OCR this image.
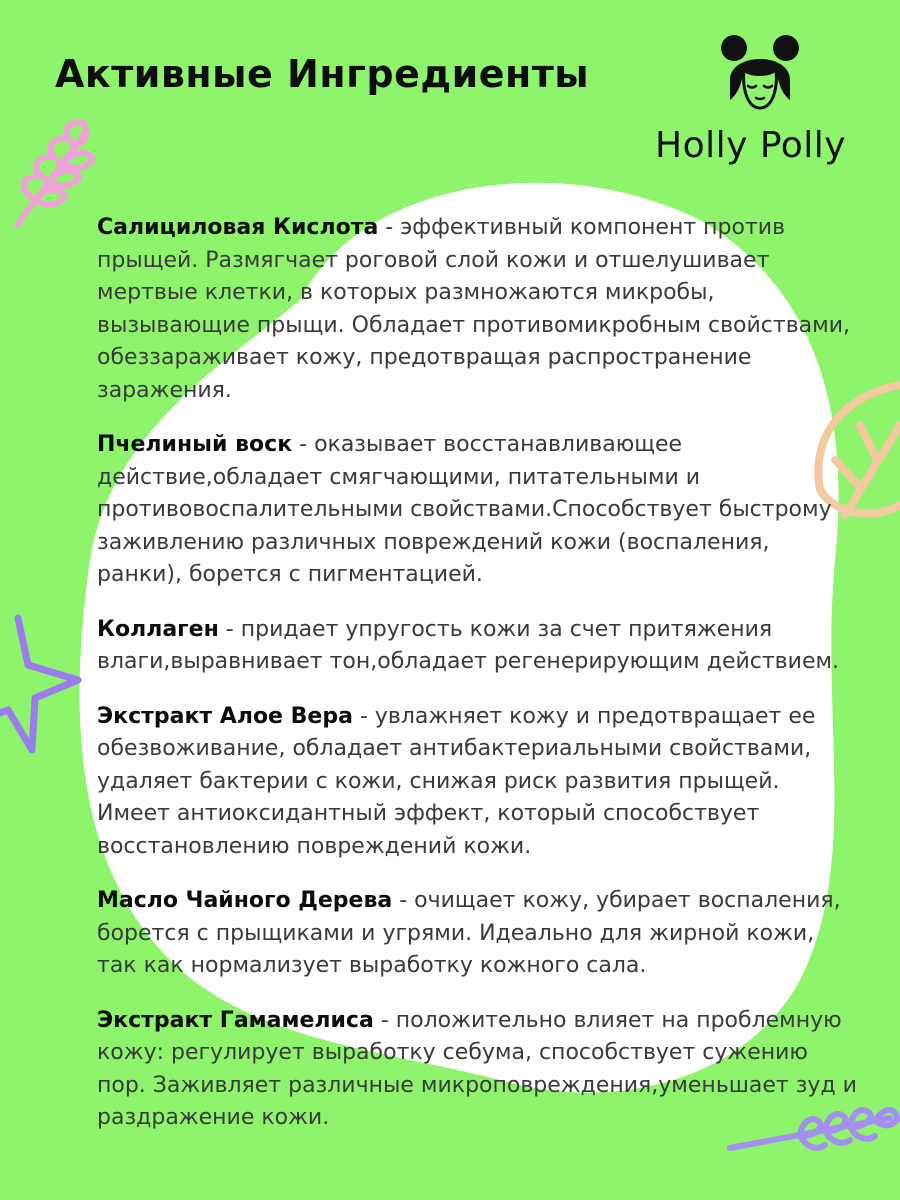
Активные Ингредиенты
Holly Polly

Салициловая Кислота - эффективный компонент против прыщей. Размягчает роговой слой кожи и отшелушивает мертвые клетки, в которых размножаются микробы, вызывающие прыщи. Обладает противомикробным свойствами, обеззараживает кожу, предотвращая распространение заражения.

Пчелиный воск - оказывает восстанавливающее действие,обладает смягчающими, питательными и противовоспалительными свойствами.Способствует быстрому заживлению различных повреждений кожи (воспаления, ранки), борется с пигментацией.

Коллаген - придает упругость кожи за счет притяжения влаги,выравнивает тон,обладает регенерирующим действием.

Экстракт Алое Вера - увлажняет кожу и предотвращает ее обезвоживание, обладает антибактериальными свойствами, удаляет бактерии с кожи, снижая риск развития прыщей. Имеет антиоксидантный эффект, который способствует восстановлению повреждений кожи.

Масло Чайного Дерева - очищает кожу, убирает воспаления, борется с прыщиками и угрями. Идеально для жирной кожи, так как нормализует выработку кожного сала.

Экстракт Гамамелиса - положительно влияет на проблемную кожу: регулирует выработку себума, способствует сужению пор. Заживляет различные микроповреждения,уменьшает зуд и раздражение кожи.
